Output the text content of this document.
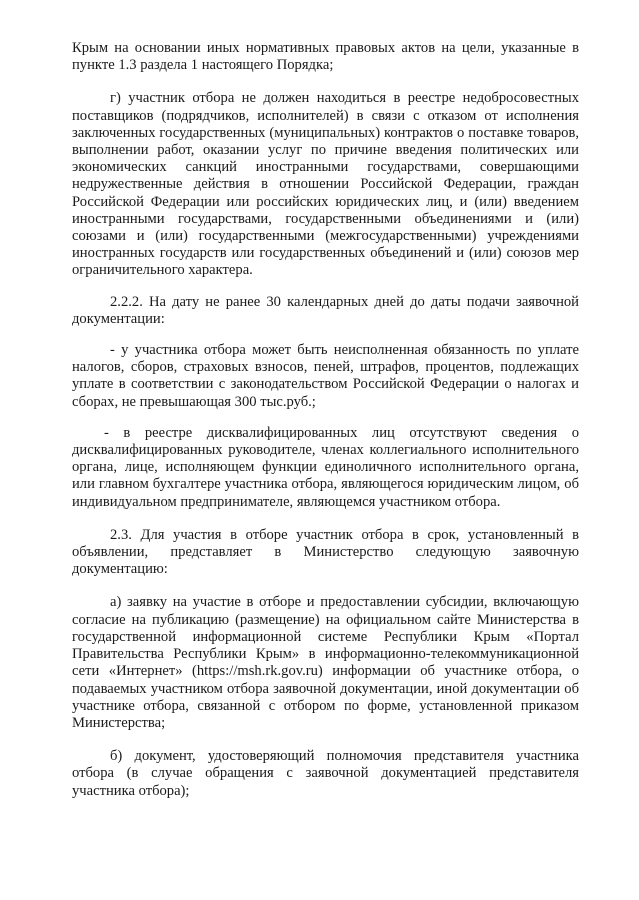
Крым на основании иных нормативных правовых актов на цели, указанные в пункте 1.3 раздела 1 настоящего Порядка;

г) участник отбора не должен находиться в реестре недобросовестных поставщиков (подрядчиков, исполнителей) в связи с отказом от исполнения заключенных государственных (муниципальных) контрактов о поставке товаров, выполнении работ, оказании услуг по причине введения политических или экономических санкций иностранными государствами, совершающими недружественные действия в отношении Российской Федерации, граждан Российской Федерации или российских юридических лиц, и (или) введением иностранными государствами, государственными объединениями и (или) союзами и (или) государственными (межгосударственными) учреждениями иностранных государств или государственных объединений и (или) союзов мер ограничительного характера.

2.2.2. На дату не ранее 30 календарных дней до даты подачи заявочной документации:

- у участника отбора может быть неисполненная обязанность по уплате налогов, сборов, страховых взносов, пеней, штрафов, процентов, подлежащих уплате в соответствии с законодательством Российской Федерации о налогах и сборах, не превышающая 300 тыс.руб.;

- в реестре дисквалифицированных лиц отсутствуют сведения о дисквалифицированных руководителе, членах коллегиального исполнительного органа, лице, исполняющем функции единоличного исполнительного органа, или главном бухгалтере участника отбора, являющегося юридическим лицом, об индивидуальном предпринимателе, являющемся участником отбора.

2.3. Для участия в отборе участник отбора в срок, установленный в объявлении, представляет в Министерство следующую заявочную документацию:

а) заявку на участие в отборе и предоставлении субсидии, включающую согласие на публикацию (размещение) на официальном сайте Министерства в государственной информационной системе Республики Крым «Портал Правительства Республики Крым» в информационно-телекоммуникационной сети «Интернет» (https://msh.rk.gov.ru) информации об участнике отбора, о подаваемых участником отбора заявочной документации, иной документации об участнике отбора, связанной с отбором по форме, установленной приказом Министерства;

б) документ, удостоверяющий полномочия представителя участника отбора (в случае обращения с заявочной документацией представителя участника отбора);
